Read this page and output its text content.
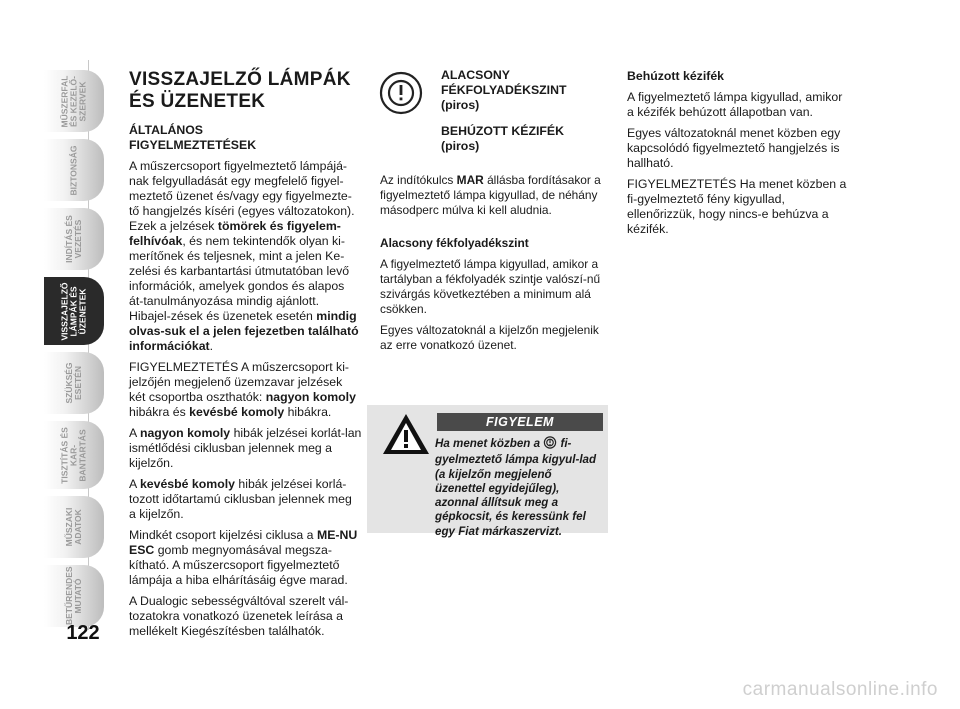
MŰSZERFAL ÉS KEZELŐ- SZERVEK
BIZTONSÁG
INDÍTÁS ÉS VEZETÉS
VISSZAJELZŐ LÁMPÁK ÉS ÜZENETEK
SZÜKSÉG ESETÉN
TISZTÍTÁS ÉS KAR- BANTARTÁS
MŰSZAKI ADATOK
BETŰRENDES MUTATÓ
122
VISSZAJELZŐ LÁMPÁK
ÉS ÜZENETEK
ÁLTALÁNOS
FIGYELMEZTETÉSEK

A műszercsoport figyelmeztető lámpájá-nak felgyulladását egy megfelelő figyel-meztető üzenet és/vagy egy figyelmezte-tő hangjelzés kíséri (egyes változatokon). Ezek a jelzések tömörek és figyelem-felhívóak, és nem tekintendők olyan ki-merítőnek és teljesnek, mint a jelen Ke-zelési és karbantartási útmutatóban levő információk, amelyek gondos és alapos át-tanulmányozása mindig ajánlott. Hibajel-zések és üzenetek esetén mindig olvas-suk el a jelen fejezetben található információkat.

FIGYELMEZTETÉS A műszercsoport ki-jelzőjén megjelenő üzemzavar jelzések két csoportba oszthatók: nagyon komoly hibákra és kevésbé komoly hibákra.

A nagyon komoly hibák jelzései korlát-lan ismétlődési ciklusban jelennek meg a kijelzőn.

A kevésbé komoly hibák jelzései korlá-tozott időtartamú ciklusban jelennek meg a kijelzőn.

Mindkét csoport kijelzési ciklusa a ME-NU ESC gomb megnyomásával megsza-kítható. A műszercsoport figyelmeztető lámpája a hiba elhárításáig égve marad.

A Dualogic sebességváltóval szerelt vál-tozatokra vonatkozó üzenetek leírása a mellékelt Kiegészítésben találhatók.

ALACSONY
FÉKFOLYADÉKSZINT
(piros)
BEHÚZOTT KÉZIFÉK
(piros)

Az indítókulcs MAR állásba fordításakor a figyelmeztető lámpa kigyullad, de néhány másodperc múlva ki kell aludnia.

Alacsony fékfolyadékszint

A figyelmeztető lámpa kigyullad, amikor a tartályban a fékfolyadék szintje valószí-nű szivárgás következtében a minimum alá csökken.

Egyes változatoknál a kijelzőn megjelenik az erre vonatkozó üzenet.

FIGYELEM
Ha menet közben a  fi-gyelmeztető lámpa kigyul-lad (a kijelzőn megjelenő üzenettel egyidejűleg), azonnal állítsuk meg a gépkocsit, és keressünk fel egy Fiat márkaszervizt.

Behúzott kézifék

A figyelmeztető lámpa kigyullad, amikor a kézifék behúzott állapotban van.

Egyes változatoknál menet közben egy kapcsolódó figyelmeztető hangjelzés is hallható.

FIGYELMEZTETÉS Ha menet közben a fi-gyelmeztető fény kigyullad, ellenőrizzük, hogy nincs-e behúzva a kézifék.

carmanualsonline.info
